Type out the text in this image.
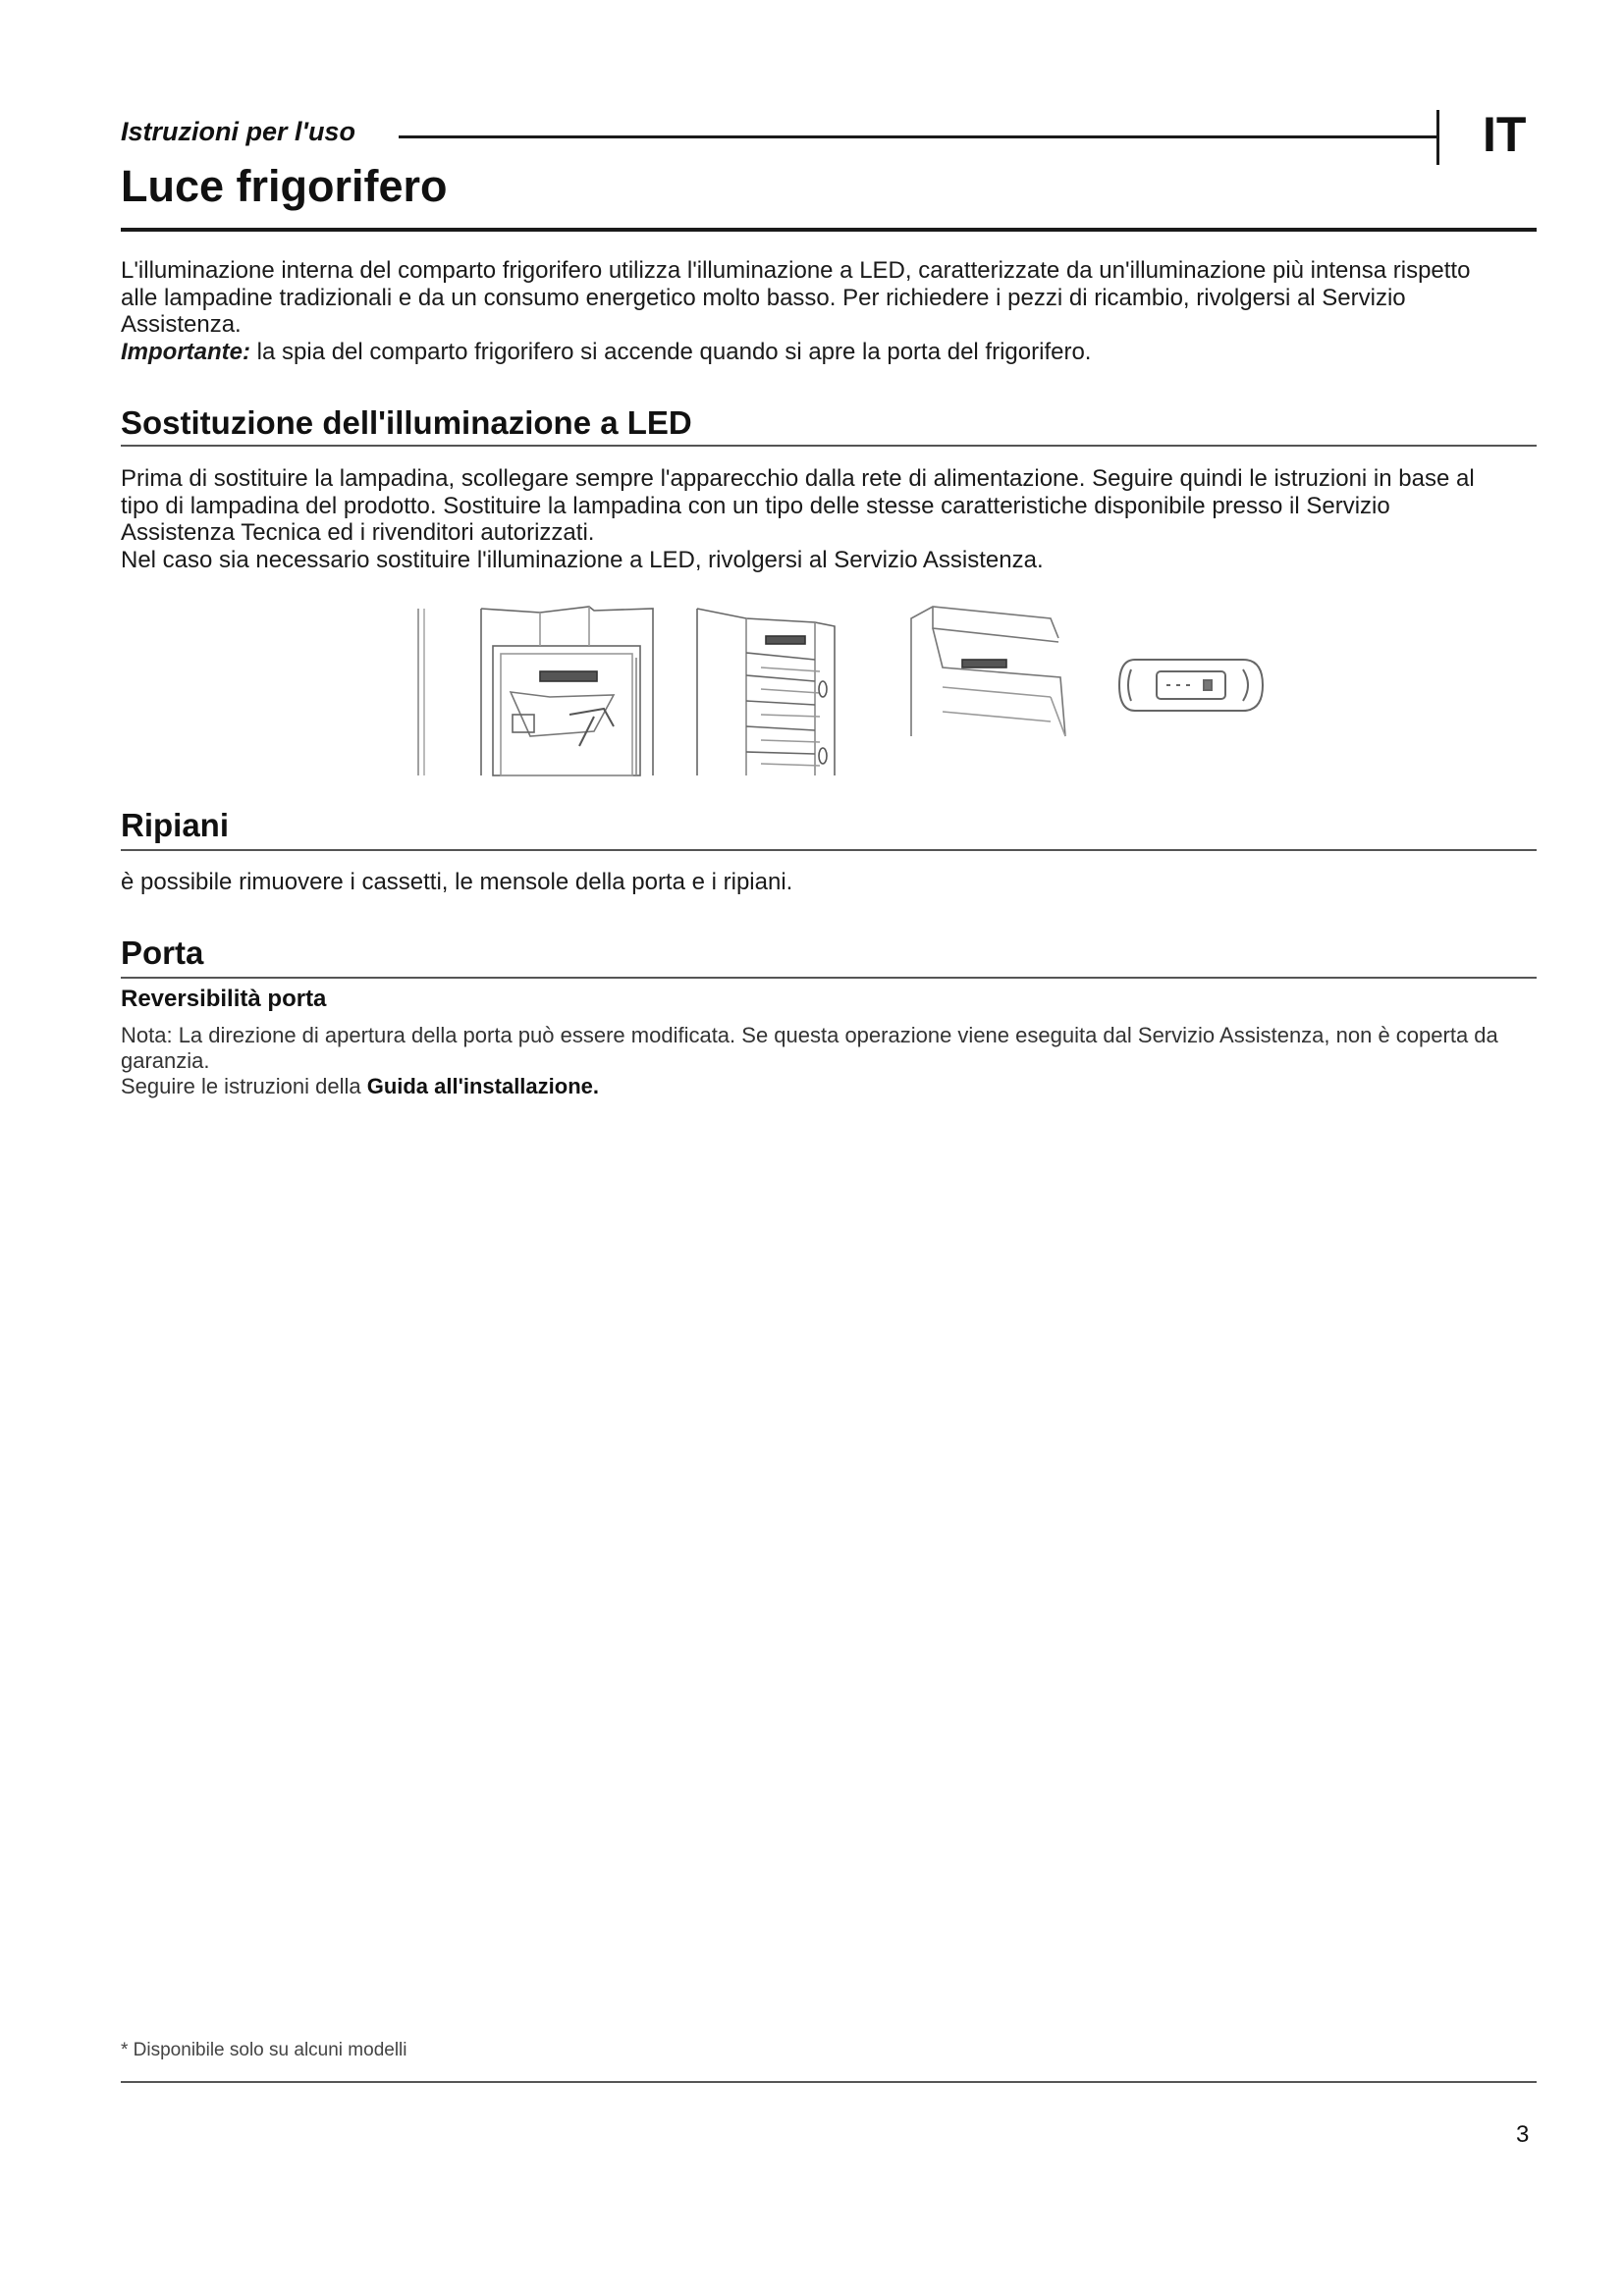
Istruzioni per l'uso	IT
Luce frigorifero

L'illuminazione interna del comparto frigorifero utilizza l'illuminazione a LED, caratterizzate da un'illuminazione più intensa rispetto alle lampadine tradizionali e da un consumo energetico molto basso. Per richiedere i pezzi di ricambio, rivolgersi al Servizio Assistenza.

Importante: la spia del comparto frigorifero si accende quando si apre la porta del frigorifero.

Sostituzione dell'illuminazione a LED

Prima di sostituire la lampadina, scollegare sempre l'apparecchio dalla rete di alimentazione. Seguire quindi le istruzioni in base al tipo di lampadina del prodotto. Sostituire la lampadina con un tipo delle stesse caratteristiche disponibile presso il Servizio Assistenza Tecnica ed i rivenditori autorizzati.

Nel caso sia necessario sostituire l'illuminazione a LED, rivolgersi al Servizio Assistenza.

Ripiani
è possibile rimuovere i cassetti, le mensole della porta e i ripiani.
Porta
Reversibilità porta

Nota: La direzione di apertura della porta può essere modificata. Se questa operazione viene eseguita dal Servizio Assistenza, non è coperta da garanzia.

Seguire le istruzioni della Guida all'installazione.

* Disponibile solo su alcuni modelli
3
